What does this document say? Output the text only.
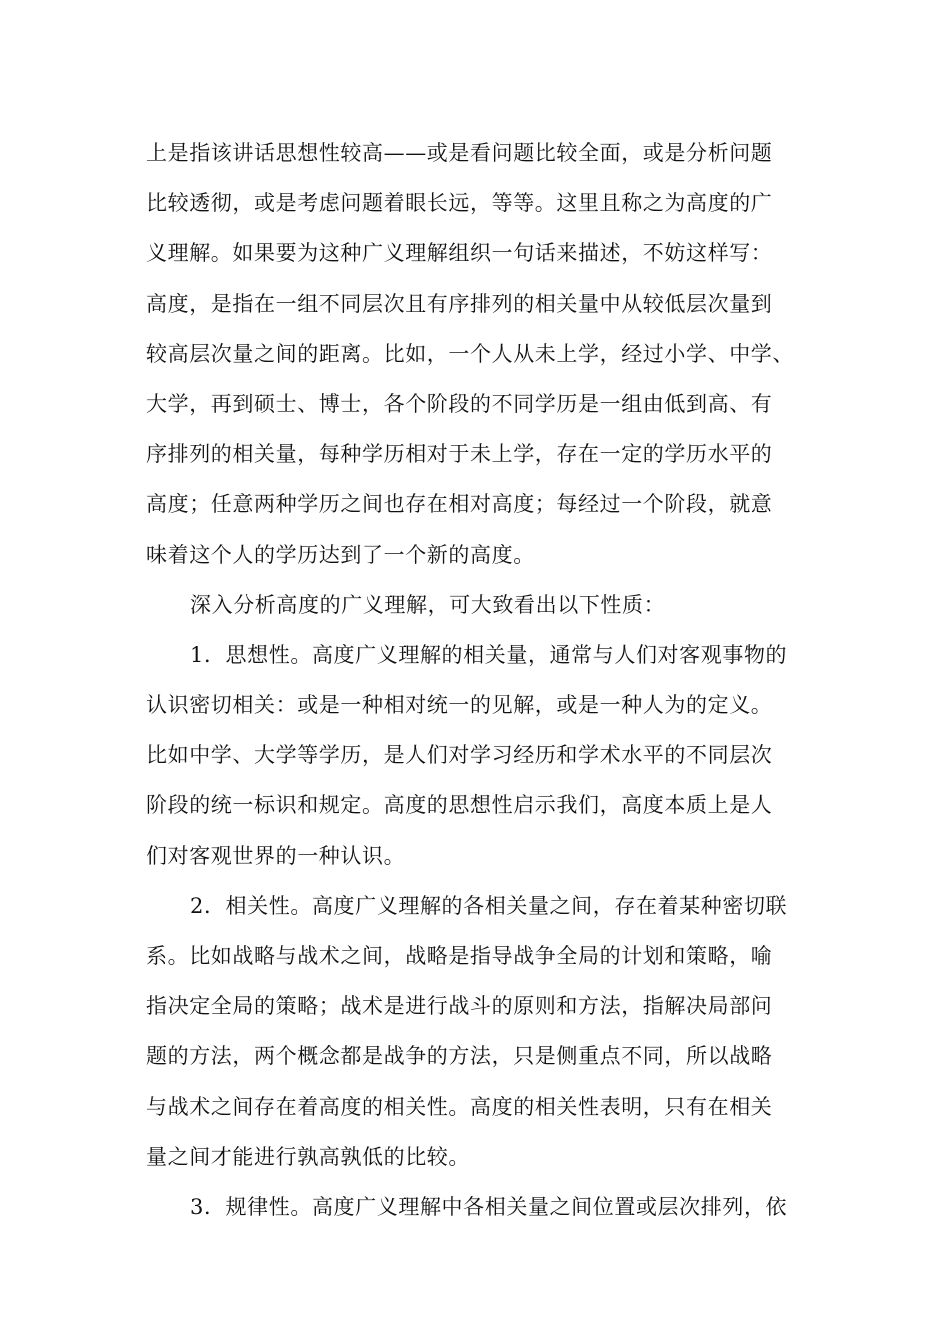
上是指该讲话思想性较高——或是看问题比较全面，或是分析问题
比较透彻，或是考虑问题着眼长远，等等。这里且称之为高度的广
义理解。如果要为这种广义理解组织一句话来描述，不妨这样写：
高度，是指在一组不同层次且有序排列的相关量中从较低层次量到
较高层次量之间的距离。比如，一个人从未上学，经过小学、中学、
大学，再到硕士、博士，各个阶段的不同学历是一组由低到高、有
序排列的相关量，每种学历相对于未上学，存在一定的学历水平的
高度；任意两种学历之间也存在相对高度；每经过一个阶段，就意
味着这个人的学历达到了一个新的高度。
深入分析高度的广义理解，可大致看出以下性质：
1．思想性。高度广义理解的相关量，通常与人们对客观事物的
认识密切相关：或是一种相对统一的见解，或是一种人为的定义。
比如中学、大学等学历，是人们对学习经历和学术水平的不同层次
阶段的统一标识和规定。高度的思想性启示我们，高度本质上是人
们对客观世界的一种认识。
2．相关性。高度广义理解的各相关量之间，存在着某种密切联
系。比如战略与战术之间，战略是指导战争全局的计划和策略，喻
指决定全局的策略；战术是进行战斗的原则和方法，指解决局部问
题的方法，两个概念都是战争的方法，只是侧重点不同，所以战略
与战术之间存在着高度的相关性。高度的相关性表明，只有在相关
量之间才能进行孰高孰低的比较。
3．规律性。高度广义理解中各相关量之间位置或层次排列，依
